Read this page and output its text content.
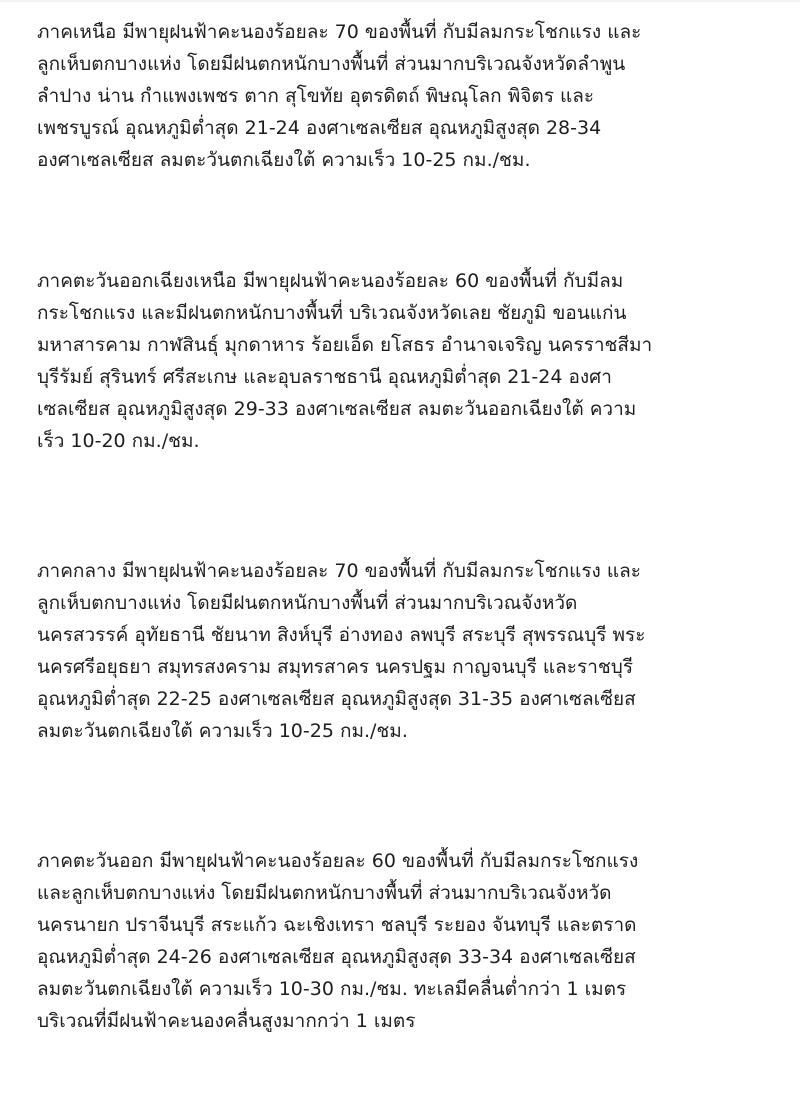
ภาคเหนือ มีพายุฝนฟ้าคะนองร้อยละ 70 ของพื้นที่ กับมีลมกระโชกแรง และ
ลูกเห็บตกบางแห่ง โดยมีฝนตกหนักบางพื้นที่ ส่วนมากบริเวณจังหวัดลำพูน
ลำปาง น่าน กำแพงเพชร ตาก สุโขทัย อุตรดิตถ์ พิษณุโลก พิจิตร และ
เพชรบูรณ์ อุณหภูมิต่ำสุด 21-24 องศาเซลเซียส อุณหภูมิสูงสุด 28-34
องศาเซลเซียส ลมตะวันตกเฉียงใต้ ความเร็ว 10-25 กม./ชม.
ภาคตะวันออกเฉียงเหนือ มีพายุฝนฟ้าคะนองร้อยละ 60 ของพื้นที่ กับมีลม
กระโชกแรง และมีฝนตกหนักบางพื้นที่ บริเวณจังหวัดเลย ชัยภูมิ ขอนแก่น
มหาสารคาม กาฬสินธุ์ มุกดาหาร ร้อยเอ็ด ยโสธร อำนาจเจริญ นครราชสีมา
บุรีรัมย์ สุรินทร์ ศรีสะเกษ และอุบลราชธานี อุณหภูมิต่ำสุด 21-24 องศา
เซลเซียส อุณหภูมิสูงสุด 29-33 องศาเซลเซียส ลมตะวันออกเฉียงใต้ ความ
เร็ว 10-20 กม./ชม.
ภาคกลาง มีพายุฝนฟ้าคะนองร้อยละ 70 ของพื้นที่ กับมีลมกระโชกแรง และ
ลูกเห็บตกบางแห่ง โดยมีฝนตกหนักบางพื้นที่ ส่วนมากบริเวณจังหวัด
นครสวรรค์ อุทัยธานี ชัยนาท สิงห์บุรี อ่างทอง ลพบุรี สระบุรี สุพรรณบุรี พระ
นครศรีอยุธยา สมุทรสงคราม สมุทรสาคร นครปฐม กาญจนบุรี และราชบุรี
อุณหภูมิต่ำสุด 22-25 องศาเซลเซียส อุณหภูมิสูงสุด 31-35 องศาเซลเซียส
ลมตะวันตกเฉียงใต้ ความเร็ว 10-25 กม./ชม.
ภาคตะวันออก มีพายุฝนฟ้าคะนองร้อยละ 60 ของพื้นที่ กับมีลมกระโชกแรง
และลูกเห็บตกบางแห่ง โดยมีฝนตกหนักบางพื้นที่ ส่วนมากบริเวณจังหวัด
นครนายก ปราจีนบุรี สระแก้ว ฉะเชิงเทรา ชลบุรี ระยอง จันทบุรี และตราด
อุณหภูมิต่ำสุด 24-26 องศาเซลเซียส อุณหภูมิสูงสุด 33-34 องศาเซลเซียส
ลมตะวันตกเฉียงใต้ ความเร็ว 10-30 กม./ชม. ทะเลมีคลื่นต่ำกว่า 1 เมตร
บริเวณที่มีฝนฟ้าคะนองคลื่นสูงมากกว่า 1 เมตร
